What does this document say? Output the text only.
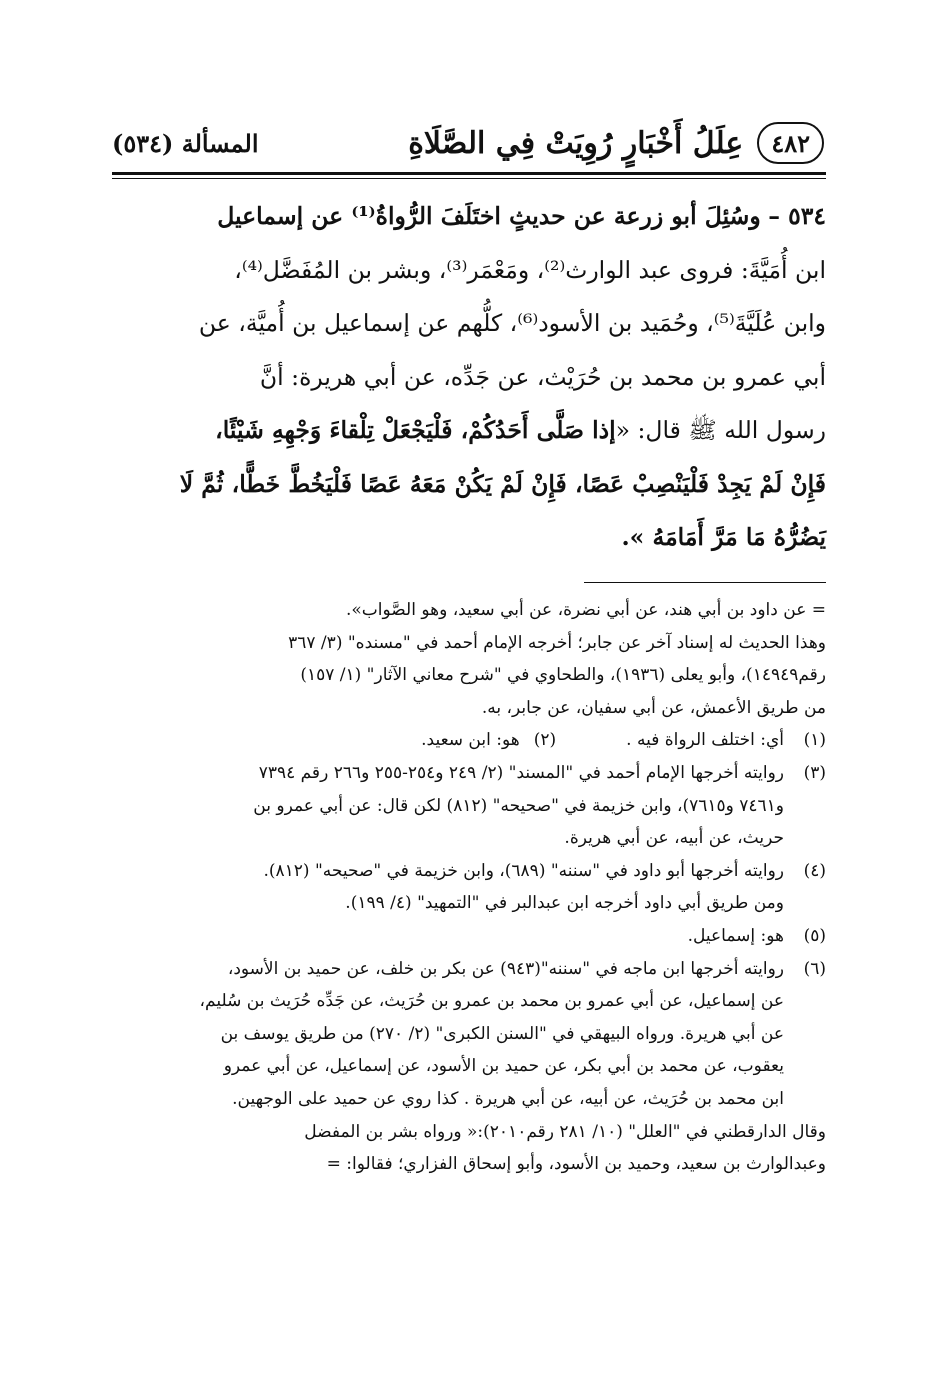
٤٨٢
عِلَلُ أَخْبَارٍ رُوِيَتْ فِي الصَّلَاةِ
المسألة (٥٣٤)

٥٣٤ – وسُئِلَ أبو زرعة عن حديثٍ اختَلَفَ الرُّواةُ⁽¹⁾ عن إسماعيل

ابن أُمَيَّةَ: فروى عبد الوارث⁽²⁾، ومَعْمَر⁽³⁾، وبشر بن المُفَضَّل⁽⁴⁾،

وابن عُلَيَّةَ⁽⁵⁾، وحُمَيد بن الأسود⁽⁶⁾، كلُّهم عن إسماعيل بن أُميَّة، عن

أبي عمرو بن محمد بن حُرَيْث، عن جَدِّه، عن أبي هريرة: أنَّ

رسول الله ﷺ قال: «إذا صَلَّى أَحَدُكُمْ، فَلْيَجْعَلْ تِلْقاءَ وَجْهِهِ شَيْئًا،

فَإِنْ لَمْ يَجِدْ فَلْيَنْصِبْ عَصًا، فَإِنْ لَمْ يَكُنْ مَعَهُ عَصًا فَلْيَخُطَّ خَطًّا، ثُمَّ لَا

يَضُرُّهُ مَا مَرَّ أَمَامَهُ ».

= عن داود بن أبي هند، عن أبي نضرة، عن أبي سعيد، وهو الصَّواب».

وهذا الحديث له إسناد آخر عن جابر؛ أخرجه الإمام أحمد في "مسنده" (٣/ ٣٦٧

رقم١٤٩٤٩)، وأبو يعلى (١٩٣٦)، والطحاوي في "شرح معاني الآثار" (١/ ١٥٧)

من طريق الأعمش، عن أبي سفيان، عن جابر، به.

(١)
أي: اختلف الرواة فيه .
(٢)
هو: ابن سعيد.
(٣)

روايته أخرجها الإمام أحمد في "المسند" (٢/ ٢٤٩ و٢٥٤-٢٥٥ و٢٦٦ رقم ٧٣٩٤

و٧٤٦١ و٧٦١٥)، وابن خزيمة في "صحيحه" (٨١٢) لكن قال: عن أبي عمرو بن

حريث، عن أبيه، عن أبي هريرة.

(٤)

روايته أخرجها أبو داود في "سننه" (٦٨٩)، وابن خزيمة في "صحيحه" (٨١٢).

ومن طريق أبي داود أخرجه ابن عبدالبر في "التمهيد" (٤/ ١٩٩).

(٥)

هو: إسماعيل.

(٦)

روايته أخرجها ابن ماجه في "سننه"(٩٤٣) عن بكر بن خلف، عن حميد بن الأسود،

عن إسماعيل، عن أبي عمرو بن محمد بن عمرو بن حُرَيث، عن جَدِّه حُرَيث بن سُليم،

عن أبي هريرة. ورواه البيهقي في "السنن الكبرى" (٢/ ٢٧٠) من طريق يوسف بن

يعقوب، عن محمد بن أبي بكر، عن حميد بن الأسود، عن إسماعيل، عن أبي عمرو

ابن محمد بن حُرَيث، عن أبيه، عن أبي هريرة . كذا روي عن حميد على الوجهين.

وقال الدارقطني في "العلل" (١٠/ ٢٨١ رقم٢٠١٠):« ورواه بشر بن المفضل

وعبدالوارث بن سعيد، وحميد بن الأسود، وأبو إسحاق الفزاري؛ فقالوا: =
